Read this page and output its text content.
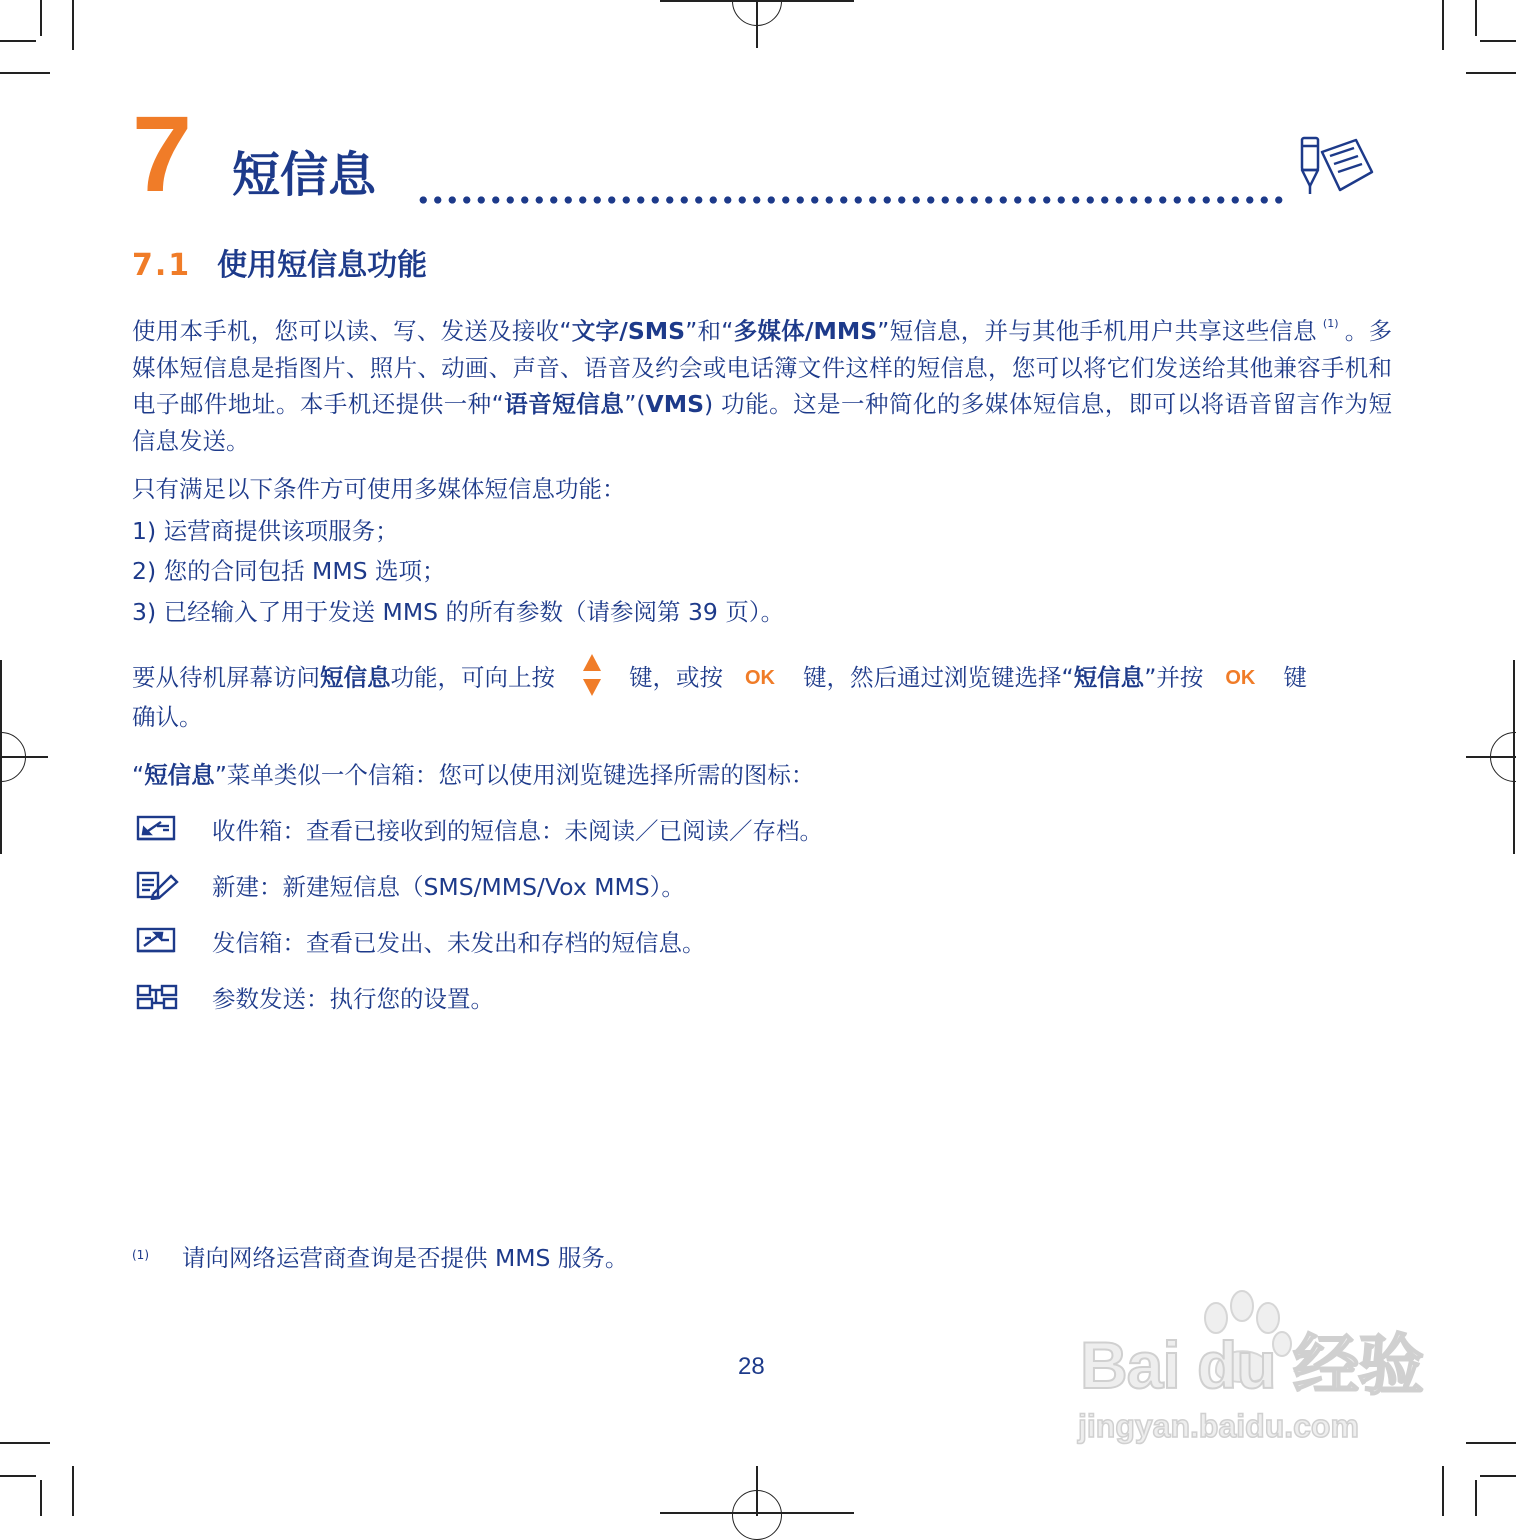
7 短信息
7.1 使用短信息功能
使用本手机，您可以读、写、发送及接收“文字/SMS”和“多媒体/MMS”短信息，并与其他手机用户共享这些信息 $^{(1)}$ 。多媒体短信息是指图片、照片、动画、声音、语音及约会或电话簿文件这样的短信息，您可以将它们发送给其他兼容手机和电子邮件地址。本手机还提供一种“语音短信息”(VMS) 功能。这是一种简化的多媒体短信息，即可以将语音留言作为短信息发送。
只有满足以下条件方可使用多媒体短信息功能：
1) 运营商提供该项服务；
2) 您的合同包括 MMS 选项；
3) 已经输入了用于发送 MMS 的所有参数（请参阅第 39 页）。
要从待机屏幕访问短信息功能，可向上按	键，或按 OK 键，然后通过浏览键选择“短信息”并按 OK 键
确认。
“短信息”菜单类似一个信箱：您可以使用浏览键选择所需的图标：
收件箱：查看已接收到的短信息：未阅读／已阅读／存档。
新建：新建短信息（SMS/MMS/Vox MMS）。
发信箱：查看已发出、未发出和存档的短信息。
参数发送：执行您的设置。
(1) 请向网络运营商查询是否提供 MMS 服务。
28	Bai du 经验
jingyan.baidu.com
